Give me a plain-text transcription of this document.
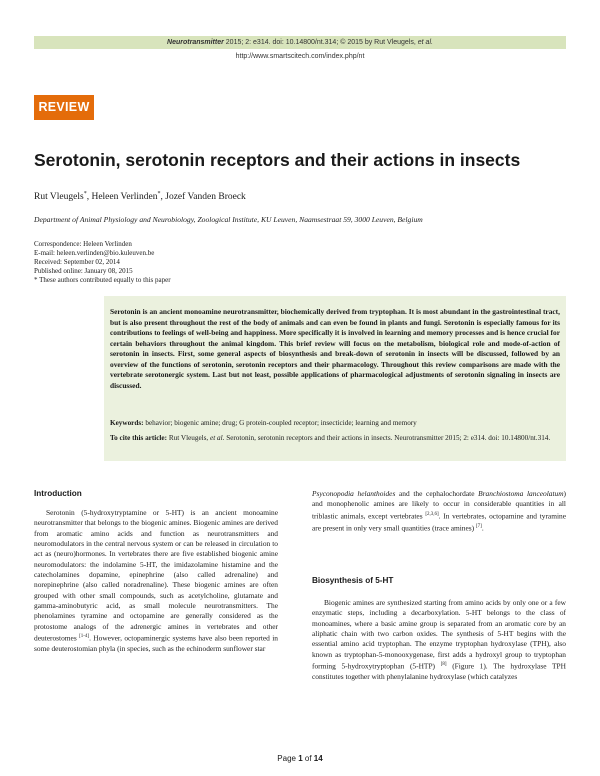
Neurotransmitter 2015; 2: e314. doi: 10.14800/nt.314; © 2015 by Rut Vleugels, et al.
http://www.smartscitech.com/index.php/nt
REVIEW
Serotonin, serotonin receptors and their actions in insects
Rut Vleugels*, Heleen Verlinden*, Jozef Vanden Broeck
Department of Animal Physiology and Neurobiology, Zoological Institute, KU Leuven, Naamsestraat 59, 3000 Leuven, Belgium
Correspondence: Heleen Verlinden
E-mail: heleen.verlinden@bio.kuleuven.be
Received: September 02, 2014
Published online: January 08, 2015
* These authors contributed equally to this paper
Serotonin is an ancient monoamine neurotransmitter, biochemically derived from tryptophan. It is most abundant in the gastrointestinal tract, but is also present throughout the rest of the body of animals and can even be found in plants and fungi. Serotonin is especially famous for its contributions to feelings of well-being and happiness. More specifically it is involved in learning and memory processes and is hence crucial for certain behaviors throughout the animal kingdom. This brief review will focus on the metabolism, biological role and mode-of-action of serotonin in insects. First, some general aspects of biosynthesis and break-down of serotonin in insects will be discussed, followed by an overview of the functions of serotonin, serotonin receptors and their pharmacology. Throughout this review comparisons are made with the vertebrate serotonergic system. Last but not least, possible applications of pharmacological adjustments of serotonin signaling in insects are discussed.
Keywords: behavior; biogenic amine; drug; G protein-coupled receptor; insecticide; learning and memory
To cite this article: Rut Vleugels, et al. Serotonin, serotonin receptors and their actions in insects. Neurotransmitter 2015; 2: e314. doi: 10.14800/nt.314.
Introduction

Serotonin (5-hydroxytryptamine or 5-HT) is an ancient monoamine neurotransmitter that belongs to the biogenic amines. Biogenic amines are derived from aromatic amino acids and function as neurotransmitters and neuromodulators in the central nervous system or can be released in circulation to act as (neuro)hormones. In vertebrates there are five established biogenic amine neuromodulators: the indolamine 5-HT, the imidazolamine histamine and the catecholamines dopamine, epinephrine (also called adrenaline) and norepinephrine (also called noradrenaline). These biogenic amines are often grouped with other small compounds, such as acetylcholine, glutamate and gamma-aminobutyric acid, as small molecule neurotransmitters. The phenolamines tyramine and octopamine are generally considered as the protostome analogs of the adrenergic amines in vertebrates and other deuterostomes [1-4]. However, octopaminergic systems have also been reported in some deuterostomian phyla (in species, such as the echinoderm sunflower star

Psyconopodia helanthoides and the cephalochordate Branchiostoma lanceolatum) and monophenolic amines are likely to occur in considerable quantities in all triblastic animals, except vertebrates [2,3,6]. In vertebrates, octopamine and tyramine are present in only very small quantities (trace amines) [7].

Biosynthesis of 5-HT

Biogenic amines are synthesized starting from amino acids by only one or a few enzymatic steps, including a decarboxylation. 5-HT belongs to the class of monoamines, where a basic amine group is separated from an aromatic core by an aliphatic chain with two carbon oxides. The synthesis of 5-HT begins with the essential amino acid tryptophan. The enzyme tryptophan hydroxylase (TPH), also known as tryptophan-5-monooxygenase, first adds a hydroxyl group to tryptophan forming 5-hydroxytryptophan (5-HTP) [8] (Figure 1). The hydroxylase TPH constitutes together with phenylalanine hydroxylase (which catalyzes

Page 1 of 14
